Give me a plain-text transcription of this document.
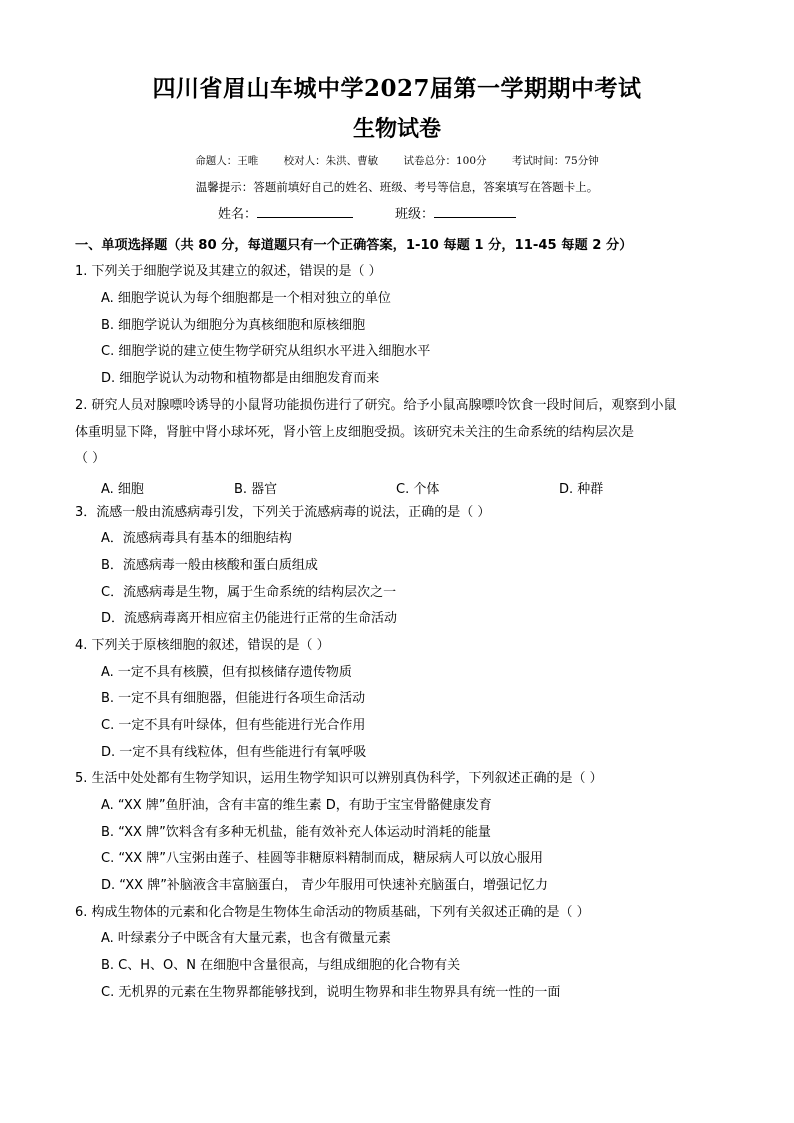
四川省眉山车城中学2027届第一学期期中考试
生物试卷
命题人：王唯 校对人：朱洪、曹敏 试卷总分：100分 考试时间：75分钟
温馨提示：答题前填好自己的姓名、班级、考号等信息，答案填写在答题卡上。
姓名：	班级：
一、单项选择题（共 80 分，每道题只有一个正确答案，1-10 每题 1 分，11-45 每题 2 分）
1. 下列关于细胞学说及其建立的叙述，错误的是（ ）
A. 细胞学说认为每个细胞都是一个相对独立的单位
B. 细胞学说认为细胞分为真核细胞和原核细胞
C. 细胞学说的建立使生物学研究从组织水平进入细胞水平
D. 细胞学说认为动物和植物都是由细胞发育而来
2. 研究人员对腺嘌呤诱导的小鼠肾功能损伤进行了研究。给予小鼠高腺嘌呤饮食一段时间后，观察到小鼠
体重明显下降，肾脏中肾小球坏死，肾小管上皮细胞受损。该研究未关注的生命系统的结构层次是
（ ）
A. 细胞	B. 器官	C. 个体	D. 种群
3．流感一般由流感病毒引发，下列关于流感病毒的说法，正确的是（ ）
A．流感病毒具有基本的细胞结构
B．流感病毒一般由核酸和蛋白质组成
C．流感病毒是生物，属于生命系统的结构层次之一
D．流感病毒离开相应宿主仍能进行正常的生命活动
4. 下列关于原核细胞的叙述，错误的是（ ）
A. 一定不具有核膜，但有拟核储存遗传物质
B. 一定不具有细胞器，但能进行各项生命活动
C. 一定不具有叶绿体，但有些能进行光合作用
D. 一定不具有线粒体，但有些能进行有氧呼吸
5. 生活中处处都有生物学知识，运用生物学知识可以辨别真伪科学，下列叙述正确的是（ ）
A. “XX 牌”鱼肝油，含有丰富的维生素 D，有助于宝宝骨骼健康发育
B. “XX 牌”饮料含有多种无机盐，能有效补充人体运动时消耗的能量
C. “XX 牌”八宝粥由莲子、桂圆等非糖原料精制而成，糖尿病人可以放心服用
D. “XX 牌”补脑液含丰富脑蛋白， 青少年服用可快速补充脑蛋白，增强记忆力
6. 构成生物体的元素和化合物是生物体生命活动的物质基础，下列有关叙述正确的是（ ）
A. 叶绿素分子中既含有大量元素，也含有微量元素
B. C、H、O、N 在细胞中含量很高，与组成细胞的化合物有关
C. 无机界的元素在生物界都能够找到，说明生物界和非生物界具有统一性的一面
